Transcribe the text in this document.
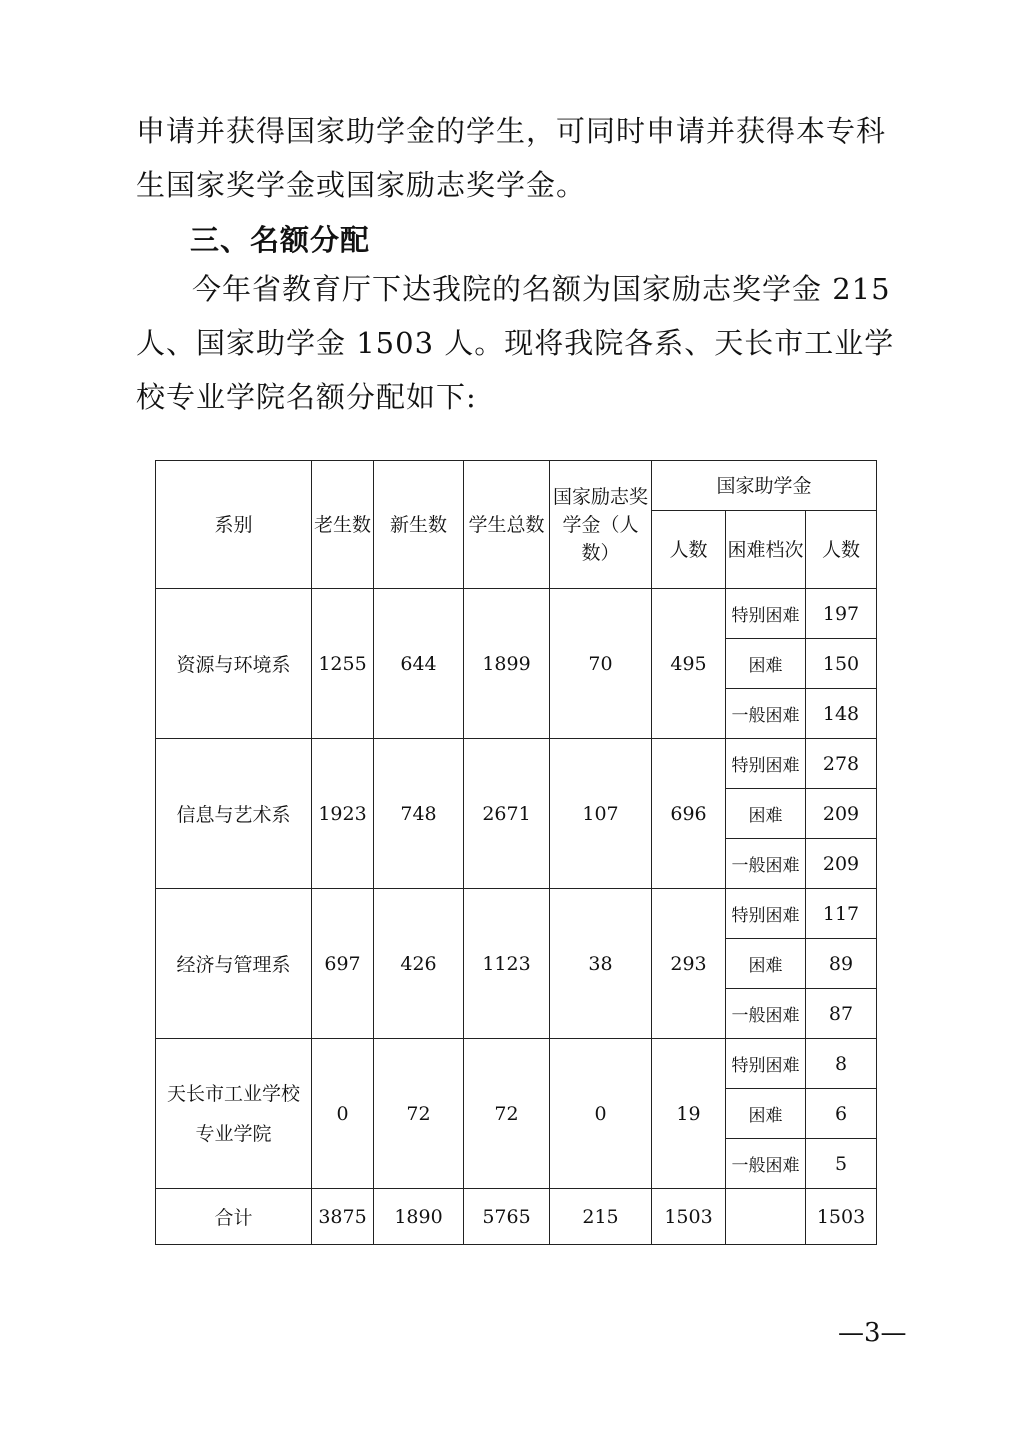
申请并获得国家助学金的学生，可同时申请并获得本专科生国家奖学金或国家励志奖学金。
三、名额分配
今年省教育厅下达我院的名额为国家励志奖学金 215 人、国家助学金 1503 人。现将我院各系、天长市工业学校专业学院名额分配如下:
系别	老生数	新生数	学生总数	国家励志奖学金（人数）	国家助学金		
					人数	困难档次	人数
资源与环境系	1255	644	1899	70	495	特别困难	197
						困难	150
						一般困难	148
信息与艺术系	1923	748	2671	107	696	特别困难	278
						困难	209
						一般困难	209
经济与管理系	697	426	1123	38	293	特别困难	117
						困难	89
						一般困难	87

天长市工业学校
专业学院	0	72	72	0	19	特别困难	8
						困难	6
						一般困难	5
合计	3875	1890	5765	215	1503		1503
—3—
